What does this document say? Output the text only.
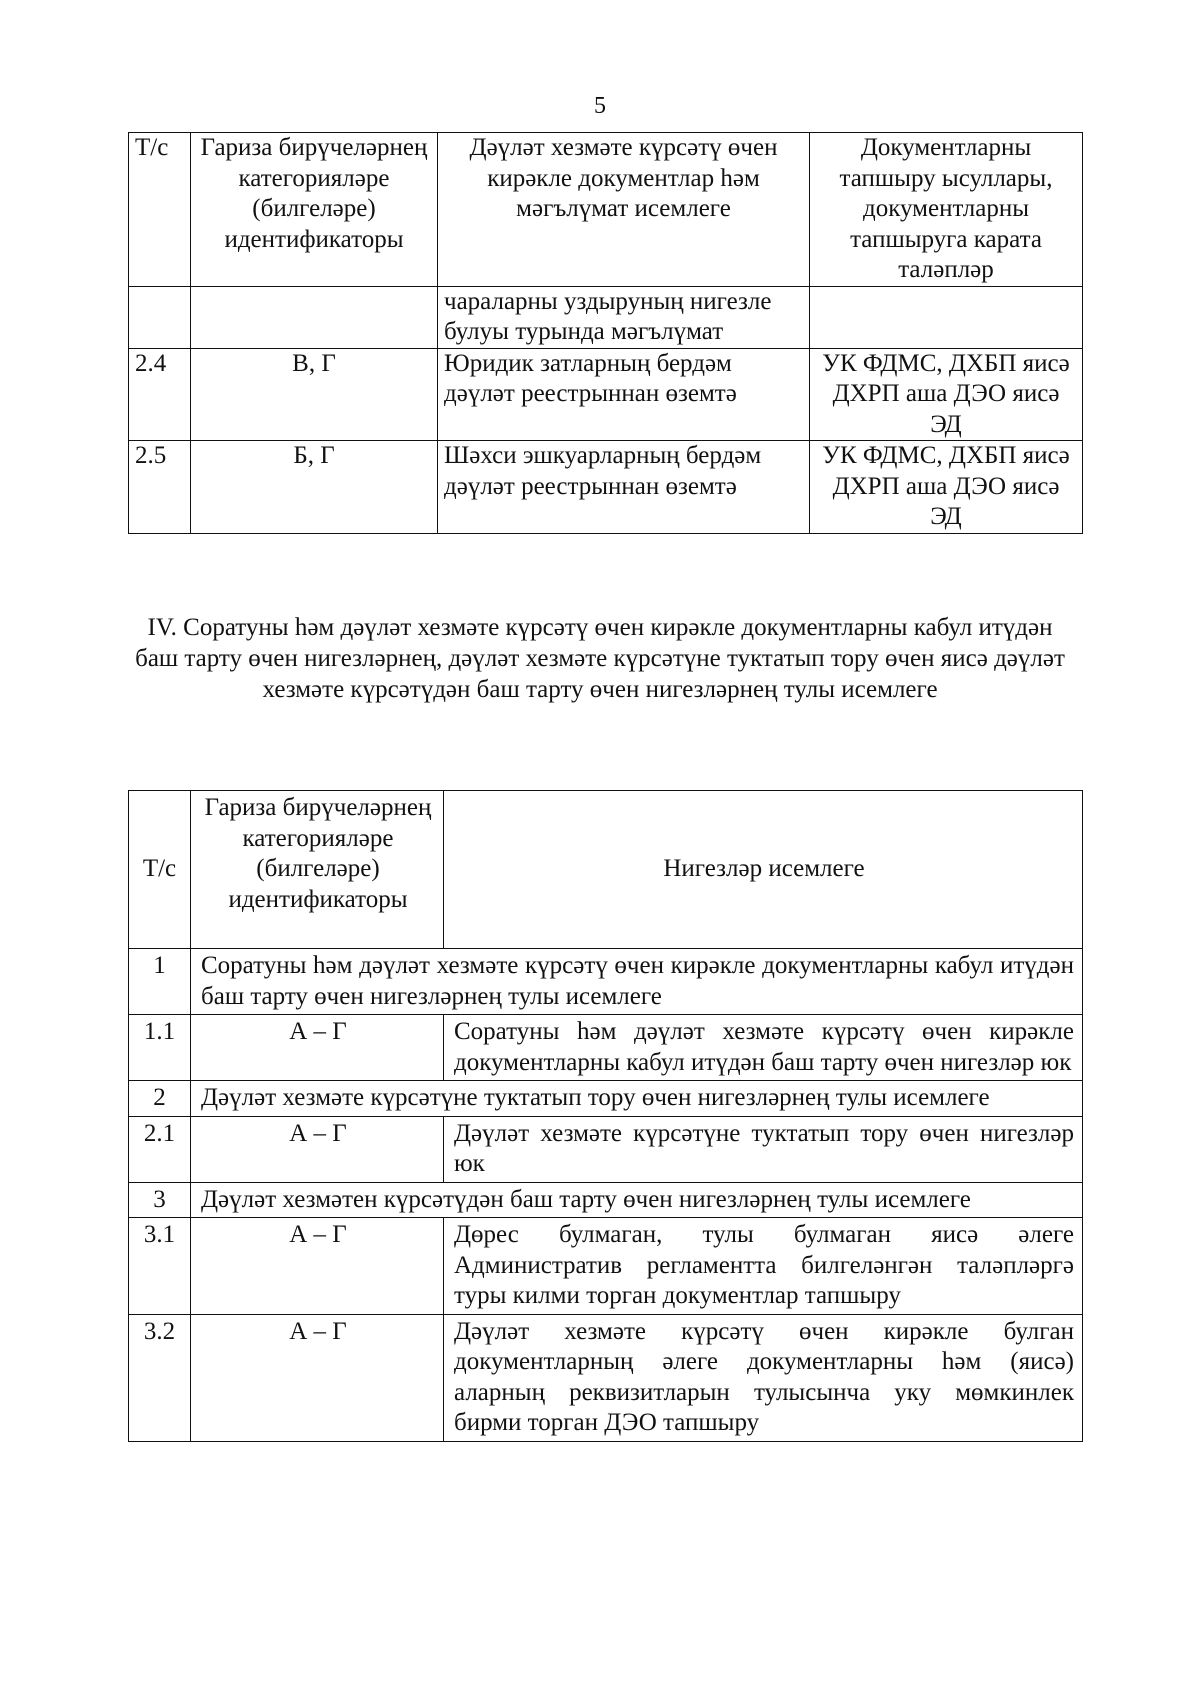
5
Т/с	Гариза бирүчеләрнең категорияләре (билгеләре) идентификаторы	Дәүләт хезмәте күрсәтү өчен кирәкле документлар һәм мәгълүмат исемлеге	Документларны тапшыру ысуллары, документларны тапшыруга карата таләпләр
		чараларны уздыруның нигезле булуы турында мәгълүмат	
2.4	В, Г	Юридик затларның бердәм дәүләт реестрыннан өземтә	УК ФДМС, ДХБП яисә ДХРП аша ДЭО яисә ЭД
2.5	Б, Г	Шәхси эшкуарларның бердәм дәүләт реестрыннан өземтә	УК ФДМС, ДХБП яисә ДХРП аша ДЭО яисә ЭД
IV. Соратуны һәм дәүләт хезмәте күрсәтү өчен кирәкле документларны кабул итүдән баш тарту өчен нигезләрнең, дәүләт хезмәте күрсәтүне туктатып тору өчен яисә дәүләт хезмәте күрсәтүдән баш тарту өчен нигезләрнең тулы исемлеге
Т/с	Гариза бирүчеләрнең категорияләре (билгеләре) идентификаторы	Нигезләр исемлеге
1	Соратуны һәм дәүләт хезмәте күрсәтү өчен кирәкле документларны кабул итүдән баш тарту өчен нигезләрнең тулы исемлеге	
1.1	А – Г	Соратуны һәм дәүләт хезмәте күрсәтү өчен кирәкле документларны кабул итүдән баш тарту өчен нигезләр юк
2	Дәүләт хезмәте күрсәтүне туктатып тору өчен нигезләрнең тулы исемлеге	
2.1	А – Г	Дәүләт хезмәте күрсәтүне туктатып тору өчен нигезләр юк
3	Дәүләт хезмәтен күрсәтүдән баш тарту өчен нигезләрнең тулы исемлеге	
3.1	А – Г	Дөрес булмаган, тулы булмаган яисә әлеге Административ регламентта билгеләнгән таләпләргә туры килми торган документлар тапшыру
3.2	А – Г	Дәүләт хезмәте күрсәтү өчен кирәкле булган документларның әлеге документларны һәм (яисә) аларның реквизитларын тулысынча уку мөмкинлек бирми торган ДЭО тапшыру
